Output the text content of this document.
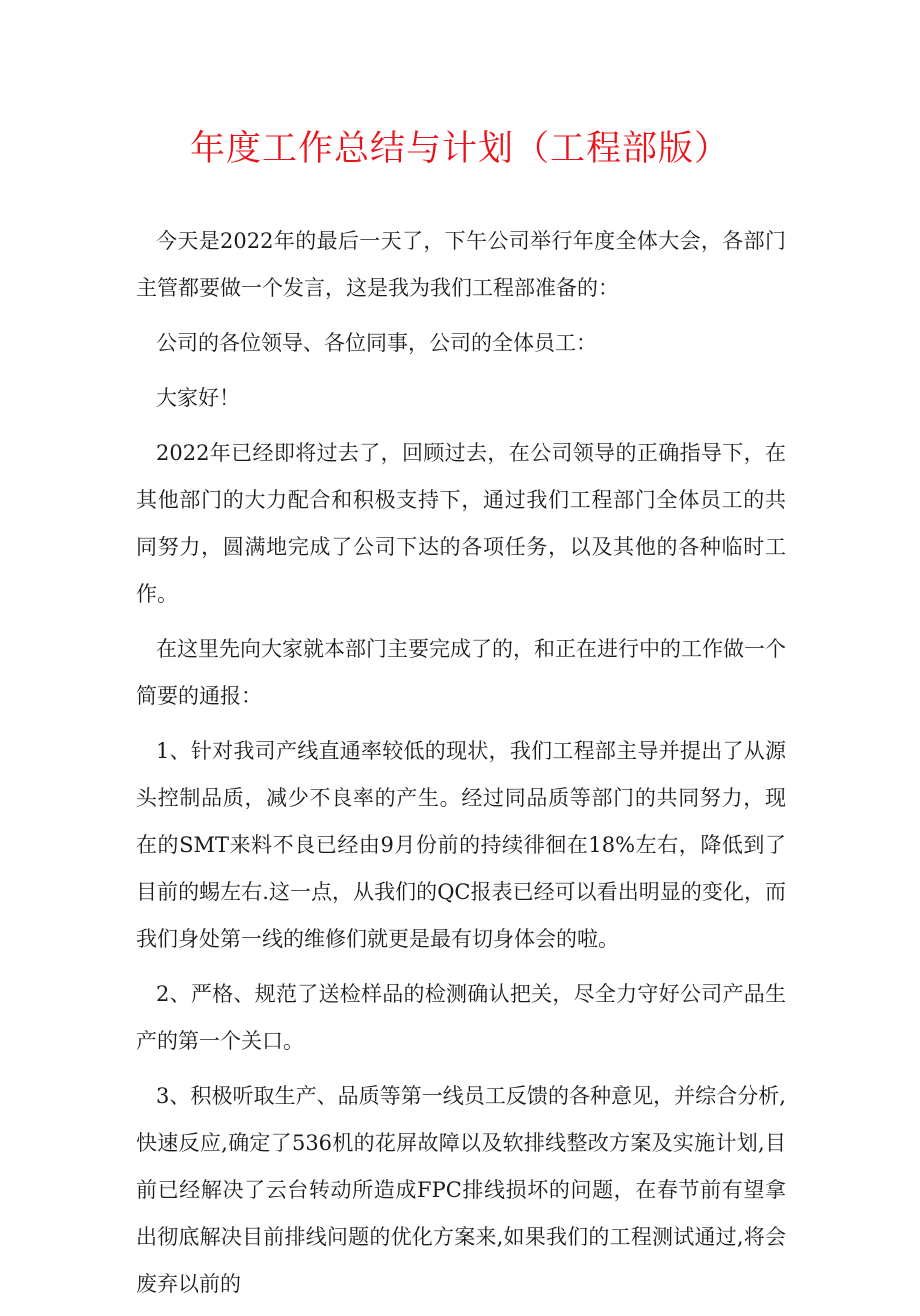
年度工作总结与计划（工程部版）

今天是2022年的最后一天了，下午公司举行年度全体大会，各部门主管都要做一个发言，这是我为我们工程部准备的：

公司的各位领导、各位同事，公司的全体员工：

大家好！

2022年已经即将过去了，回顾过去，在公司领导的正确指导下，在其他部门的大力配合和积极支持下，通过我们工程部门全体员工的共同努力，圆满地完成了公司下达的各项任务，以及其他的各种临时工作。

在这里先向大家就本部门主要完成了的，和正在进行中的工作做一个简要的通报：

1、针对我司产线直通率较低的现状，我们工程部主导并提出了从源头控制品质，减少不良率的产生。经过同品质等部门的共同努力，现在的SMT来料不良已经由9月份前的持续徘徊在18%左右，降低到了目前的蜴左右.这一点，从我们的QC报表已经可以看出明显的变化，而我们身处第一线的维修们就更是最有切身体会的啦。

2、严格、规范了送检样品的检测确认把关，尽全力守好公司产品生产的第一个关口。

3、积极听取生产、品质等第一线员工反馈的各种意见，并综合分析,快速反应,确定了536机的花屏故障以及软排线整改方案及实施计划,目前已经解决了云台转动所造成FPC排线损坏的问题，在春节前有望拿出彻底解决目前排线问题的优化方案来,如果我们的工程测试通过,将会废弃以前的
